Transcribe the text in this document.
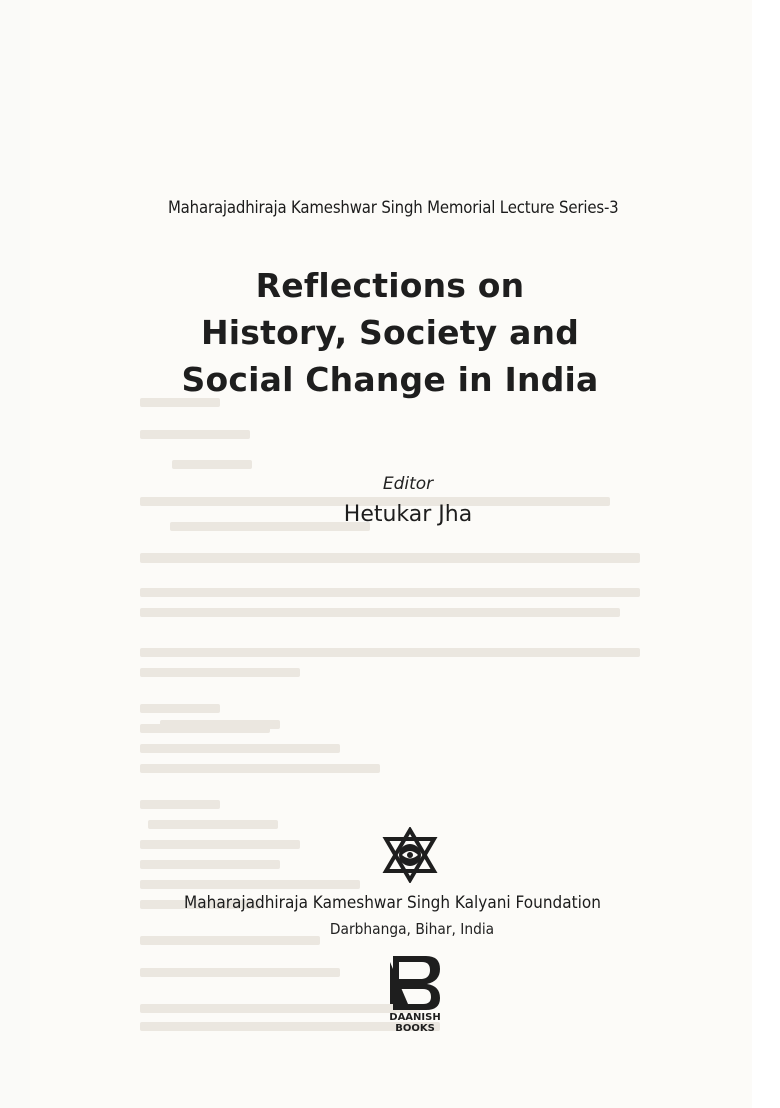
Maharajadhiraja Kameshwar Singh Memorial Lecture Series-3
Reflections on
History, Society and
Social Change in India
Editor
Hetukar Jha
Maharajadhiraja Kameshwar Singh Kalyani Foundation
Darbhanga, Bihar, India
DAANISH
BOOKS
